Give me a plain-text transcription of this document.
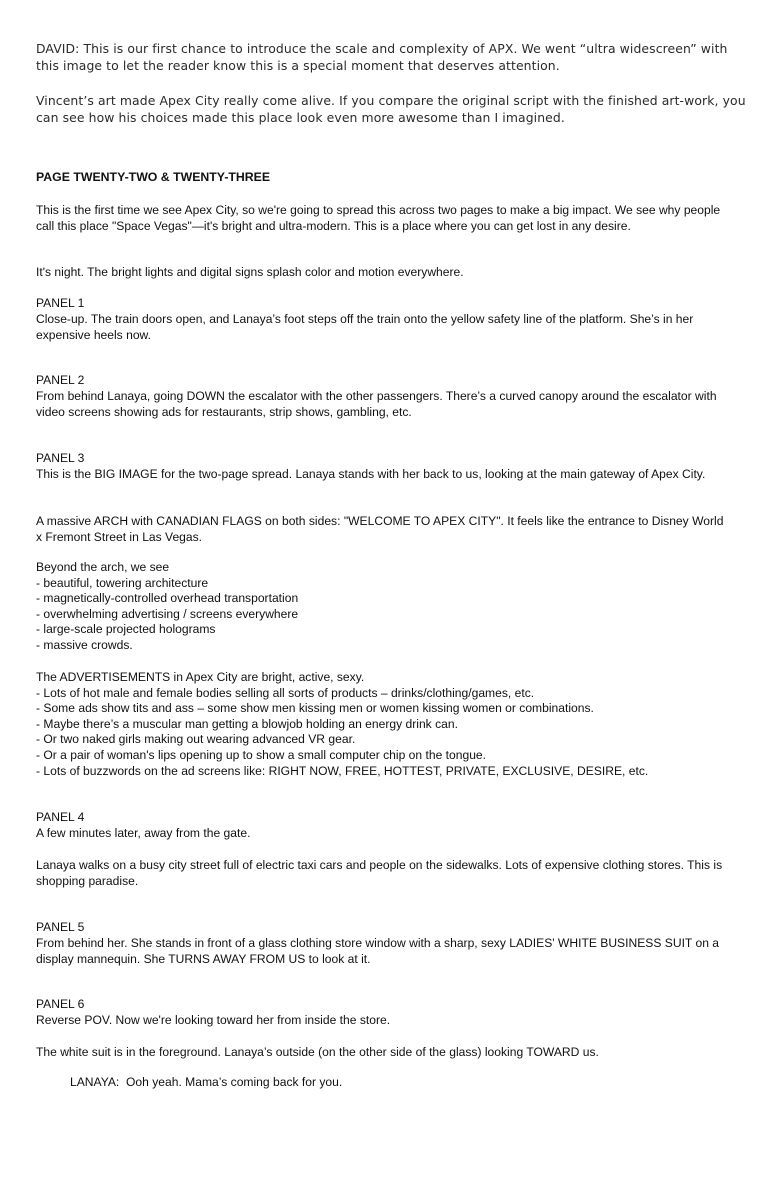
DAVID: This is our first chance to introduce the scale and complexity of APX. We went “ultra widescreen” with this image to let the reader know this is a special moment that deserves attention.
Vincent’s art made Apex City really come alive. If you compare the original script with the finished art-work, you can see how his choices made this place look even more awesome than I imagined.
PAGE TWENTY-TWO & TWENTY-THREE
This is the first time we see Apex City, so we're going to spread this across two pages to make a big impact. We see why people call this place "Space Vegas"—it's bright and ultra-modern. This is a place where you can get lost in any desire.
It's night. The bright lights and digital signs splash color and motion everywhere.
PANEL 1
Close-up. The train doors open, and Lanaya’s foot steps off the train onto the yellow safety line of the platform. She’s in her expensive heels now.
PANEL 2
From behind Lanaya, going DOWN the escalator with the other passengers. There’s a curved canopy around the escalator with video screens showing ads for restaurants, strip shows, gambling, etc.
PANEL 3
This is the BIG IMAGE for the two-page spread. Lanaya stands with her back to us, looking at the main gateway of Apex City.
A massive ARCH with CANADIAN FLAGS on both sides: "WELCOME TO APEX CITY". It feels like the entrance to Disney World x Fremont Street in Las Vegas.
Beyond the arch, we see
- beautiful, towering architecture
- magnetically-controlled overhead transportation
- overwhelming advertising / screens everywhere
- large-scale projected holograms
- massive crowds.
The ADVERTISEMENTS in Apex City are bright, active, sexy.
- Lots of hot male and female bodies selling all sorts of products – drinks/clothing/games, etc.
- Some ads show tits and ass – some show men kissing men or women kissing women or combinations.
- Maybe there’s a muscular man getting a blowjob holding an energy drink can.
- Or two naked girls making out wearing advanced VR gear.
- Or a pair of woman's lips opening up to show a small computer chip on the tongue.
- Lots of buzzwords on the ad screens like: RIGHT NOW, FREE, HOTTEST, PRIVATE, EXCLUSIVE, DESIRE, etc.
PANEL 4
A few minutes later, away from the gate.
Lanaya walks on a busy city street full of electric taxi cars and people on the sidewalks. Lots of expensive clothing stores. This is shopping paradise.
PANEL 5
From behind her. She stands in front of a glass clothing store window with a sharp, sexy LADIES' WHITE BUSINESS SUIT on a display mannequin. She TURNS AWAY FROM US to look at it.
PANEL 6
Reverse POV. Now we're looking toward her from inside the store.
The white suit is in the foreground. Lanaya’s outside (on the other side of the glass) looking TOWARD us.
LANAYA:  Ooh yeah. Mama’s coming back for you.
